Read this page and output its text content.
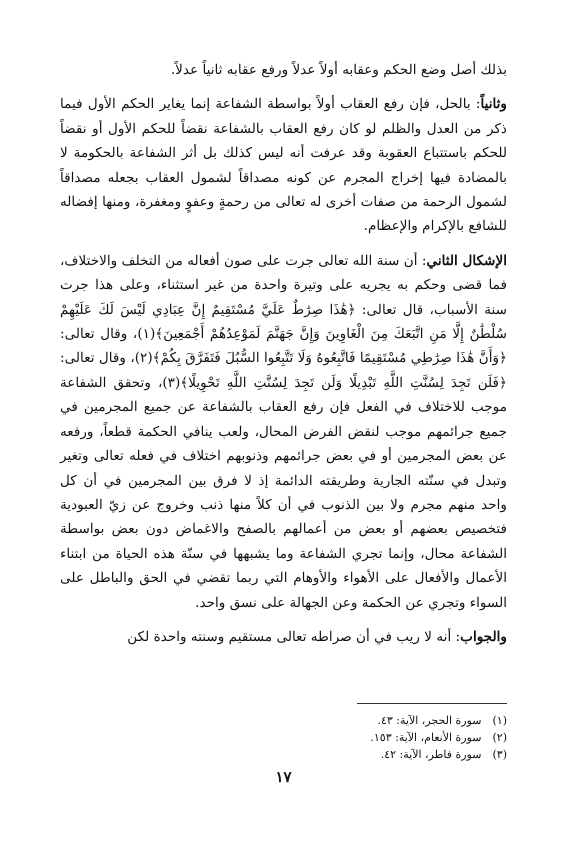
بذلك أصل وضع الحكم وعقابه أولاً عدلاً ورفع عقابه ثانياً عدلاً.

وثانياً: بالحل، فإن رفع العقاب أولاً بواسطة الشفاعة إنما يغاير الحكم الأول فيما ذكر من العدل والظلم لو كان رفع العقاب بالشفاعة نقضاً للحكم الأول أو نقضاً للحكم باستتباع العقوبة وقد عرفت أنه ليس كذلك بل أثر الشفاعة بالحكومة لا بالمضادة فيها إخراج المجرم عن كونه مصداقاً لشمول العقاب بجعله مصداقاً لشمول الرحمة من صفات أخرى له تعالى من رحمةٍ وعفوٍ ومغفرة، ومنها إفضاله للشافع بالإكرام والإعظام.

الإشكال الثاني: أن سنة الله تعالى جرت على صون أفعاله من التخلف والاختلاف، فما قضى وحكم به يجريه على وتيرة واحدة من غير استثناء، وعلى هذا جرت سنة الأسباب، قال تعالى: ﴿هَٰذَا صِرَٰطٌ عَلَيَّ مُسْتَقِيمٌ إِنَّ عِبَادِي لَيْسَ لَكَ عَلَيْهِمْ سُلْطَٰنٌ إِلَّا مَنِ اتَّبَعَكَ مِنَ الْغَاوِينَ وَإِنَّ جَهَنَّمَ لَمَوْعِدُهُمْ أَجْمَعِينَ﴾(١)، وقال تعالى: ﴿وَأَنَّ هَٰذَا صِرَٰطِي مُسْتَقِيمًا فَاتَّبِعُوهُ وَلَا تَتَّبِعُوا السُّبُلَ فَتَفَرَّقَ بِكُمْ﴾(٢)، وقال تعالى: ﴿فَلَن تَجِدَ لِسُنَّتِ اللَّهِ تَبْدِيلًا وَلَن تَجِدَ لِسُنَّتِ اللَّهِ تَحْوِيلًا﴾(٣)، وتحقق الشفاعة موجب للاختلاف في الفعل فإن رفع العقاب بالشفاعة عن جميع المجرمين في جميع جرائمهم موجب لنقض الفرض المحال، ولعب ينافي الحكمة قطعاً، ورفعه عن بعض المجرمين أو في بعض جرائمهم وذنوبهم اختلاف في فعله تعالى وتغير وتبدل في سنّته الجارية وطريقته الدائمة إذ لا فرق بين المجرمين في أن كل واحد منهم مجرم ولا بين الذنوب في أن كلاً منها ذنب وخروج عن زيّ العبودية فتخصيص بعضهم أو بعض من أعمالهم بالصفح والاغماض دون بعض بواسطة الشفاعة محال، وإنما تجري الشفاعة وما يشبهها في سنّة هذه الحياة من ابتناء الأعمال والأفعال على الأهواء والأوهام التي ربما تقضي في الحق والباطل على السواء وتجري عن الحكمة وعن الجهالة على نسق واحد.

والجواب: أنه لا ريب في أن صراطه تعالى مستقيم وسنته واحدة لكن

(١) سورة الحجر، الآية: ٤٣.
(٢) سورة الأنعام، الآية: ١٥٣.
(٣) سورة فاطر، الآية: ٤٢.
١٧
